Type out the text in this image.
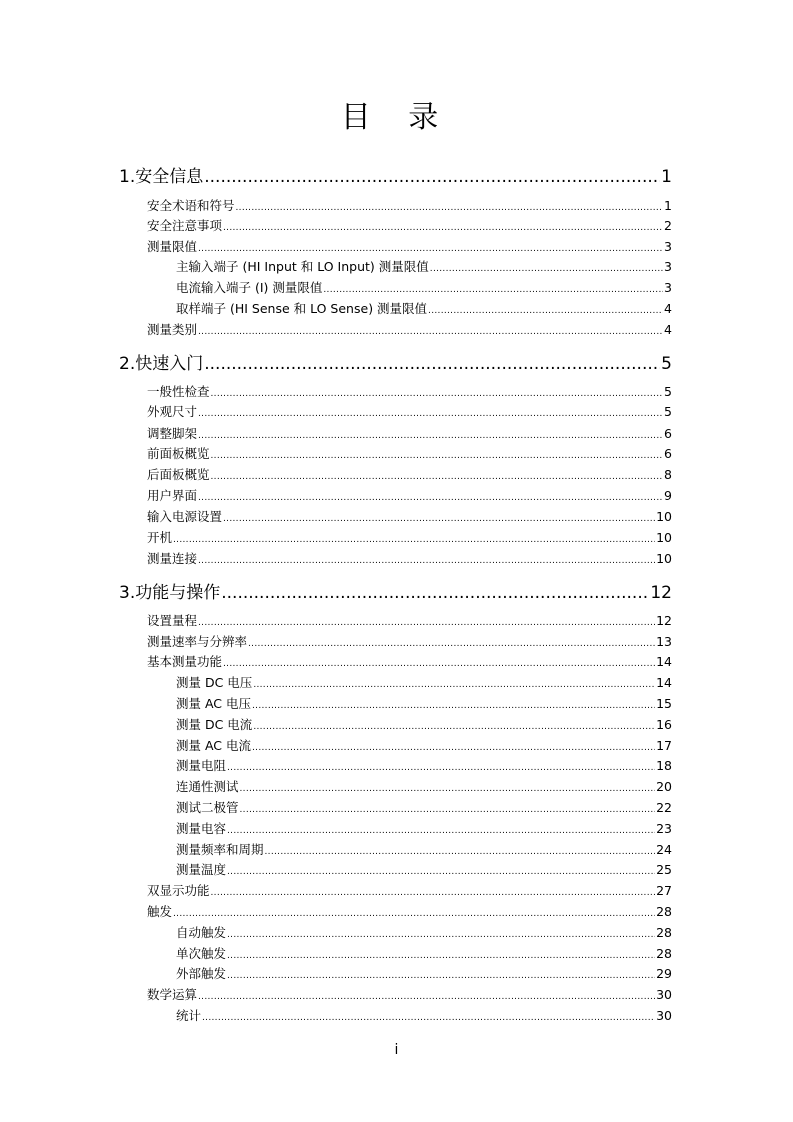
目 录
1.安全信息 .....	1
安全术语和符号 .....	1
安全注意事项 .....	2
测量限值 .....	3
主输入端子 (HI Input 和 LO Input) 测量限值 .....	3
电流输入端子 (I) 测量限值 .....	3
取样端子 (HI Sense 和 LO Sense) 测量限值 .....	4
测量类别 .....	4
2.快速入门 .....	5
一般性检查 .....	5
外观尺寸 .....	5
调整脚架 .....	6
前面板概览 .....	6
后面板概览 .....	8
用户界面 .....	9
输入电源设置 .....	10
开机 .....	10
测量连接 .....	10
3.功能与操作 .....	12
设置量程 .....	12
测量速率与分辨率 .....	13
基本测量功能 .....	14
测量 DC 电压 .....	14
测量 AC 电压 .....	15
测量 DC 电流 .....	16
测量 AC 电流 .....	17
测量电阻 .....	18
连通性测试 .....	20
测试二极管 .....	22
测量电容 .....	23
测量频率和周期 .....	24
测量温度 .....	25
双显示功能 .....	27
触发 .....	28
自动触发 .....	28
单次触发 .....	28
外部触发 .....	29
数学运算 .....	30
统计 .....	30
i
